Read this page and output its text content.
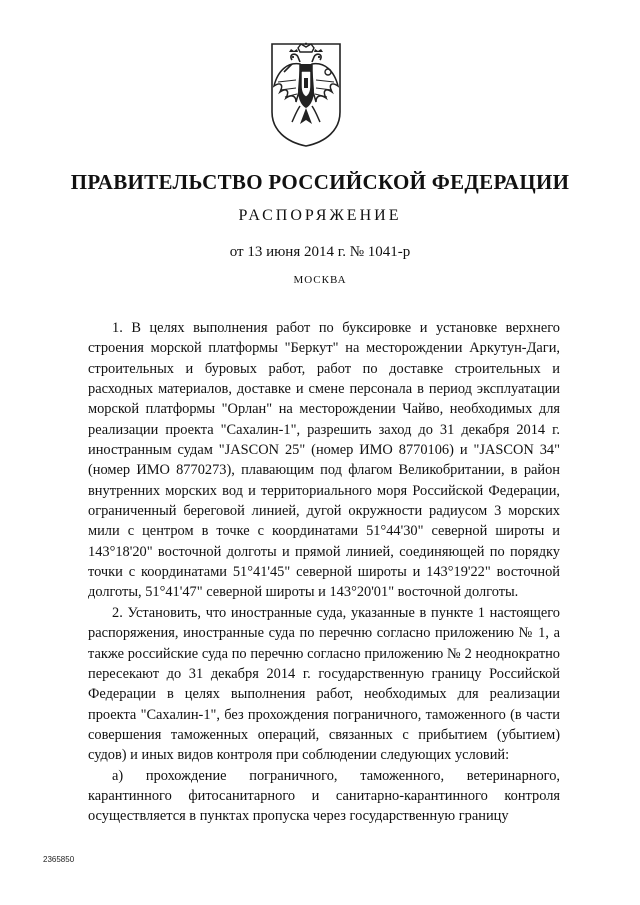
ПРАВИТЕЛЬСТВО РОССИЙСКОЙ ФЕДЕРАЦИИ
РАСПОРЯЖЕНИЕ
от 13 июня 2014 г. № 1041-р
МОСКВА

1. В целях выполнения работ по буксировке и установке верхнего строения морской платформы "Беркут" на месторождении Аркутун-Даги, строительных и буровых работ, работ по доставке строительных и расходных материалов, доставке и смене персонала в период эксплуатации морской платформы "Орлан" на месторождении Чайво, необходимых для реализации проекта "Сахалин-1", разрешить заход до 31 декабря 2014 г. иностранным судам "JASCON 25" (номер ИМО 8770106) и "JASCON 34" (номер ИМО 8770273), плавающим под флагом Великобритании, в район внутренних морских вод и территориального моря Российской Федерации, ограниченный береговой линией, дугой окружности радиусом 3 морских мили с центром в точке с координатами 51°44'30" северной широты и 143°18'20" восточной долготы и прямой линией, соединяющей по порядку точки с координатами 51°41'45" северной широты и 143°19'22" восточной долготы, 51°41'47" северной широты и 143°20'01" восточной долготы.

2. Установить, что иностранные суда, указанные в пункте 1 настоящего распоряжения, иностранные суда по перечню согласно приложению № 1, а также российские суда по перечню согласно приложению № 2 неоднократно пересекают до 31 декабря 2014 г. государственную границу Российской Федерации в целях выполнения работ, необходимых для реализации проекта "Сахалин-1", без прохождения пограничного, таможенного (в части совершения таможенных операций, связанных с прибытием (убытием) судов) и иных видов контроля при соблюдении следующих условий:

а) прохождение пограничного, таможенного, ветеринарного, карантинного фитосанитарного и санитарно-карантинного контроля осуществляется в пунктах пропуска через государственную границу

2365850
